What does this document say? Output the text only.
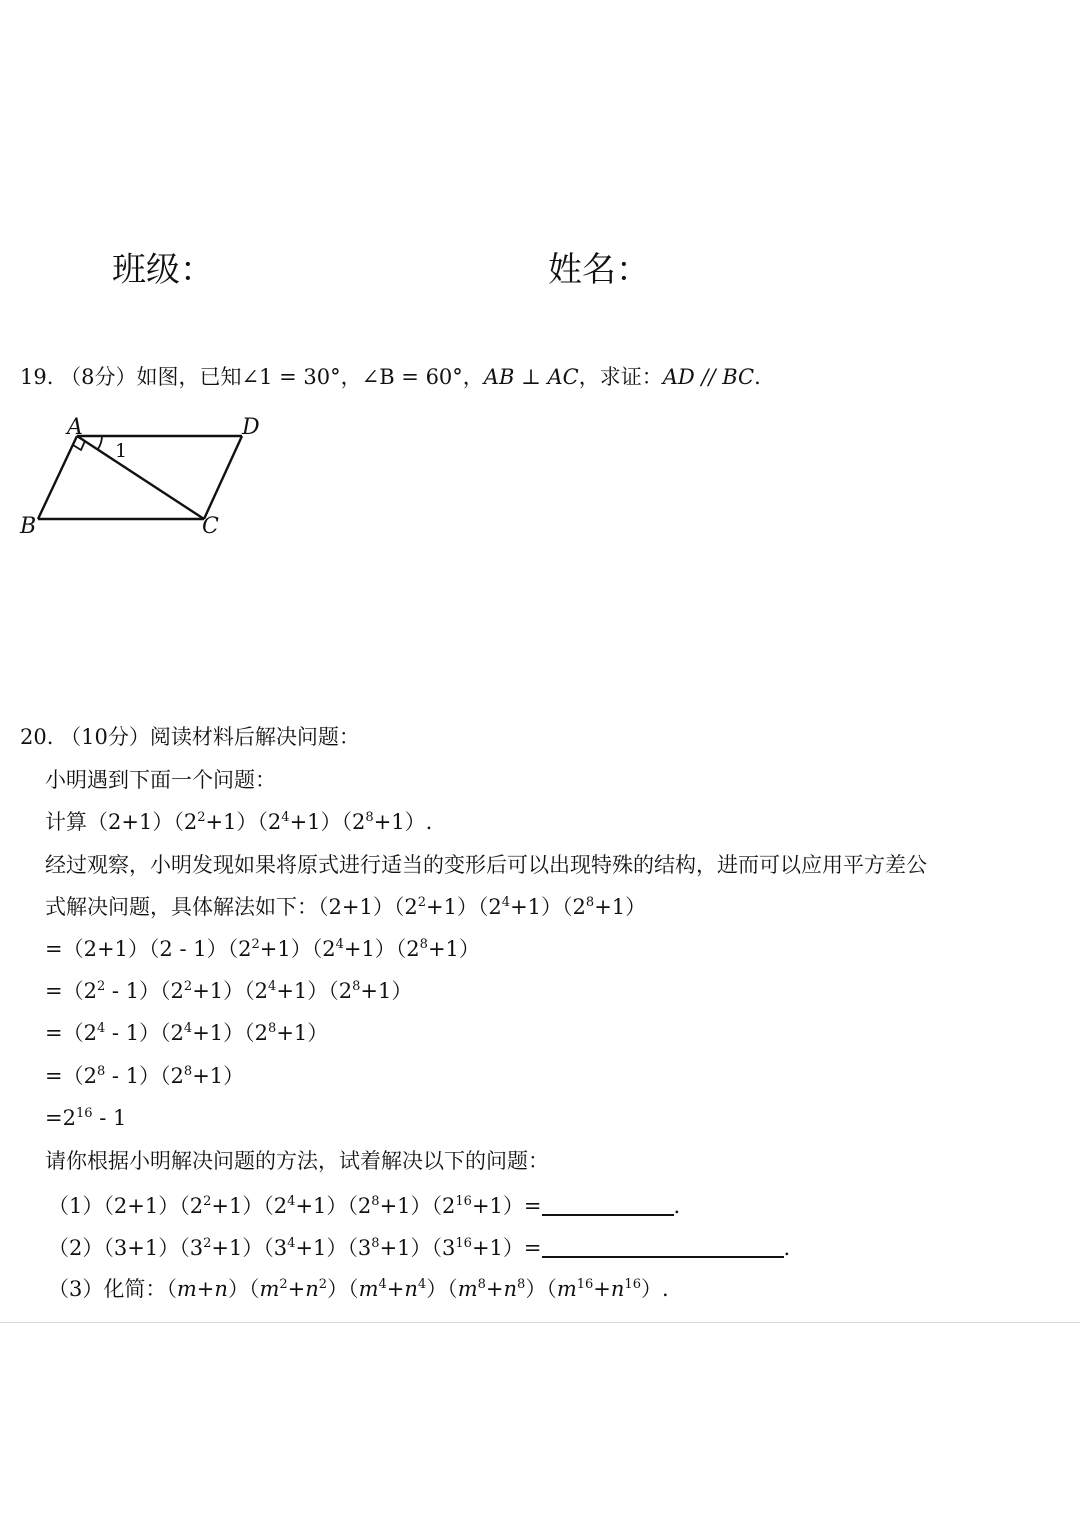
班级：	姓名：
19. （8分）如图，已知∠1 = 30°，∠B = 60°，AB ⊥ AC，求证：AD // BC.
A	D
B	C
1
20. （10分）阅读材料后解决问题：
小明遇到下面一个问题：
计算$(2+1)(2^2+1)(2^4+1)(2^8+1)$.
经过观察，小明发现如果将原式进行适当的变形后可以出现特殊的结构，进而可以应用平方差公
式解决问题，具体解法如下：$(2+1)(2^2+1)(2^4+1)(2^8+1)$
$=(2+1)(2 - 1)(2^2+1)(2^4+1)(2^8+1)$
$=(2^2 - 1)(2^2+1)(2^4+1)(2^8+1)$
$=(2^4 - 1)(2^4+1)(2^8+1)$
$=(2^8 - 1)(2^8+1)$
$=2^{16} - 1$
请你根据小明解决问题的方法，试着解决以下的问题：
$(1)(2+1)(2^2+1)(2^4+1)(2^8+1)(2^{16}+1)=$	.
$(2)(3+1)(3^2+1)(3^4+1)(3^8+1)(3^{16}+1)=$	.
（3）化简：$(m+n)(m^2+n^2)(m^4+n^4)(m^8+n^8)(m^{16}+n^{16})$.
